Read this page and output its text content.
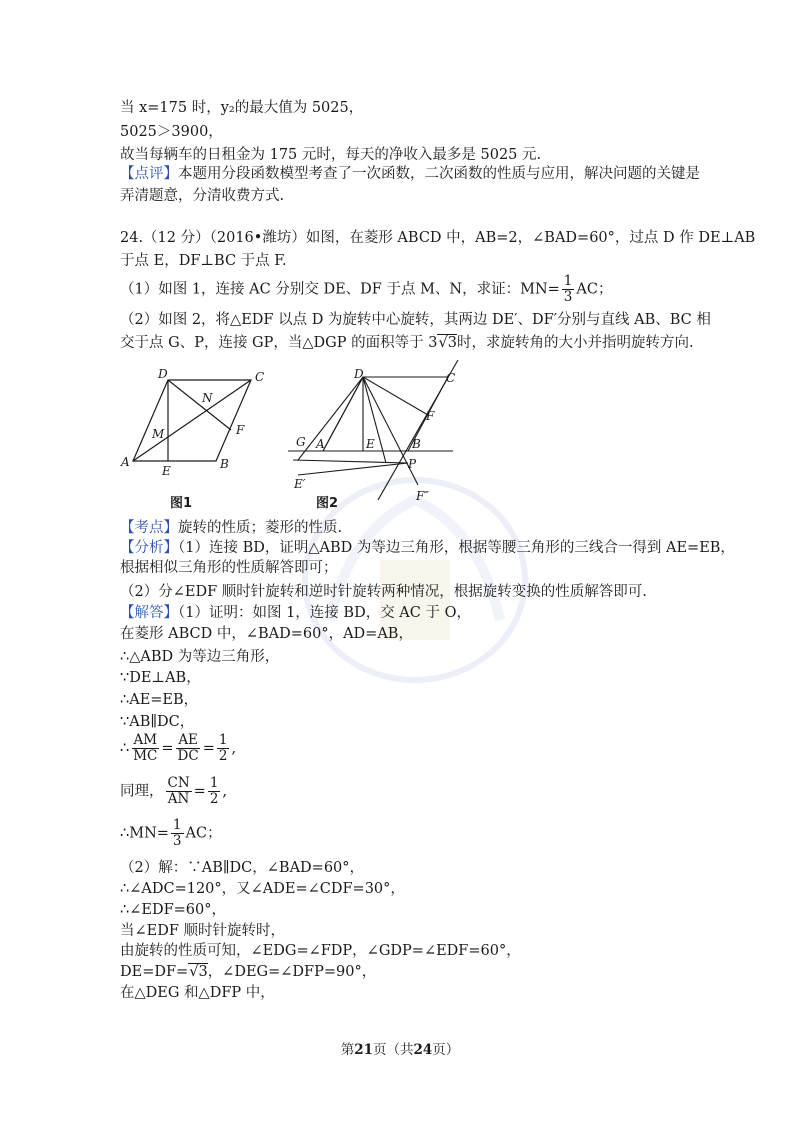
当 x=175 时，y₂的最大值为 5025，
5025＞3900，
故当每辆车的日租金为 175 元时，每天的净收入最多是 5025 元.
【点评】本题用分段函数模型考查了一次函数，二次函数的性质与应用，解决问题的关键是
弄清题意，分清收费方式.
24.（12 分）（2016•潍坊）如图，在菱形 ABCD 中，AB=2，∠BAD=60°，过点 D 作 DE⊥AB
于点 E，DF⊥BC 于点 F.
（1）如图 1，连接 AC 分别交 DE、DF 于点 M、N，求证：$MN= \frac{1}{3}$ AC；
（2）如图 2，将△EDF 以点 D 为旋转中心旋转，其两边 DE′、DF′分别与直线 AB、BC 相
交于点 G、P，连接 GP，当△DGP 的面积等于 3√3时，求旋转角的大小并指明旋转方向.
D	C
N
M	F
A
E	B
D	C
F
G A	E	B
P
E′
F″
图1	图2
【考点】旋转的性质；菱形的性质.
【分析】（1）连接 BD，证明△ABD 为等边三角形，根据等腰三角形的三线合一得到 AE=EB，
根据相似三角形的性质解答即可；
（2）分∠EDF 顺时针旋转和逆时针旋转两种情况，根据旋转变换的性质解答即可.
【解答】（1）证明：如图 1，连接 BD，交 AC 于 O，
在菱形 ABCD 中，∠BAD=60°，AD=AB，
∴△ABD 为等边三角形，
∵DE⊥AB，
∴AE=EB，
∵AB∥DC，
∴ $\frac{AM}{MC} = \frac{AE}{DC} = \frac{1}{2}$ ,
同理， $\frac{CN}{AN} = \frac{1}{2}$ ,
∴MN= $\frac{1}{3}$ AC；
（2）解：∵AB∥DC，∠BAD=60°，
∴∠ADC=120°，又∠ADE=∠CDF=30°，
∴∠EDF=60°，
当∠EDF 顺时针旋转时，
由旋转的性质可知，∠EDG=∠FDP，∠GDP=∠EDF=60°，
DE=DF=√3，∠DEG=∠DFP=90°，
在△DEG 和△DFP 中，
第21页（共24页）
